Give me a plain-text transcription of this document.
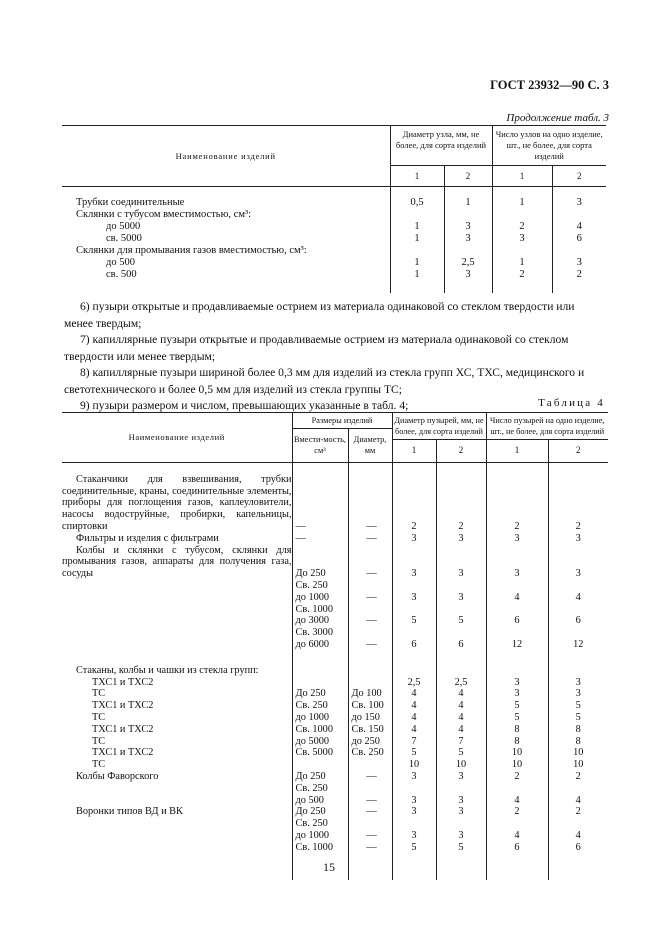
ГОСТ 23932—90 С. 3
Продолжение табл. 3
Наименование изделий	Диаметр узла, мм, не более, для сорта изделий		Число узлов на одно изделие, шт., не более, для сорта изделий	
	1	2	1	2

Трубки соединительные	0,5	1	1	3
Склянки с тубусом вместимостью, см³:				
до 5000	1	3	2	4
св. 5000	1	3	3	6
Склянки для промывания газов вместимостью, см³:				
до 500	1	2,5	1	3
св. 500	1	3	2	2

6) пузыри открытые и продавливаемые острием из материала одинаковой со стеклом твердости или менее твердым;

7) капиллярные пузыри открытые и продавливаемые острием из материала одинаковой со стеклом твердости или менее твердым;

8) капиллярные пузыри шириной более 0,3 мм для изделий из стекла групп ХС, ТХС, медицинского и светотехнического и более 0,5 мм для изделий из стекла группы ТС;

9) пузыри размером и числом, превышающих указанные в табл. 4;	Таблица 4
Наименование изделий	Размеры изделий		Диаметр пузырей, мм, не более, для сорта изделий		Число пузырей на одно изделие, шт., не более, для сорта изделий	
	Вмести-мость, см³	Диаметр, мм				
			1	2	1	2

Стаканчики для взвешивания, трубки соединительные, краны, соединительные элементы, приборы для поглощения газов, каплеуловители, насосы водоструйные, пробирки, капельницы, спиртовки	—	—	2	2	2	2
Фильтры и изделия с фильтрами	—	—	3	3	3	3
Колбы и склянки с тубусом, склянки для промывания газов, аппараты для получения газа, сосуды	До 250	—	3	3	3	3
	Св. 250					
	до 1000	—	3	3	4	4
	Св. 1000					
	до 3000	—	5	5	6	6
	Св. 3000					
	до 6000	—	6	6	12	12
Стаканы, колбы и чашки из стекла групп:						
ТХС1 и ТХС2			2,5	2,5	3	3
ТС	До 250	До 100	4	4	3	3
ТХС1 и ТХС2	Св. 250	Св. 100	4	4	5	5
ТС	до 1000	до 150	4	4	5	5
ТХС1 и ТХС2	Св. 1000	Св. 150	4	4	8	8
ТС	до 5000	до 250	7	7	8	8
ТХС1 и ТХС2	Св. 5000	Св. 250	5	5	10	10
ТС			10	10	10	10
Колбы Фаворского	До 250	—	3	3	2	2
	Св. 250					
	до 500	—	3	3	4	4
Воронки типов ВД и ВК	До 250	—	3	3	2	2
	Св. 250					
	до 1000	—	3	3	4	4
	Св. 1000	—	5	5	6	6

15
